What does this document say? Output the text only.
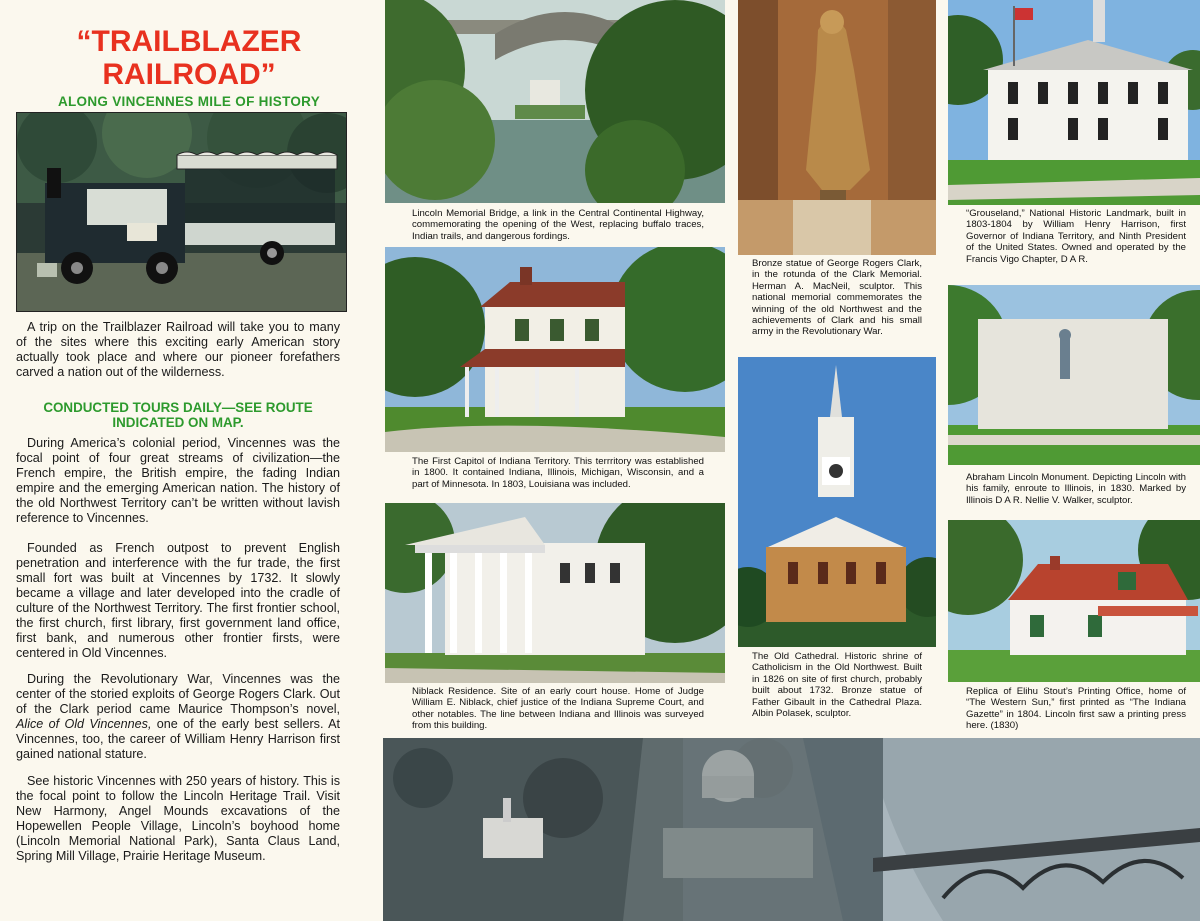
“TRAILBLAZER
RAILROAD”
ALONG VINCENNES MILE OF HISTORY

A trip on the Trailblazer Railroad will take you to many of the sites where this exciting early American story actually took place and where our pioneer forefathers carved a nation out of the wilderness.

CONDUCTED TOURS DAILY—SEE ROUTE
INDICATED ON MAP.

During America’s colonial period, Vincennes was the focal point of four great streams of civilization—the French empire, the British empire, the fading Indian empire and the emerging American nation. The history of the old Northwest Territory can’t be written without lavish reference to Vincennes.

Founded as French outpost to prevent English penetration and interference with the fur trade, the first small fort was built at Vincennes by 1732. It slowly became a village and later developed into the cradle of culture of the Northwest Territory. The first frontier school, the first church, first library, first government land office, first bank, and numerous other frontier firsts, were centered in Old Vincennes.

During the Revolutionary War, Vincennes was the center of the storied exploits of George Rogers Clark. Out of the Clark period came Maurice Thompson’s novel, Alice of Old Vincennes, one of the early best sellers. At Vincennes, too, the career of William Henry Harrison first gained national stature.

See historic Vincennes with 250 years of history. This is the focal point to follow the Lincoln Heritage Trail. Visit New Harmony, Angel Mounds excavations of the Hopewellen People Village, Lincoln’s boyhood home (Lincoln Memorial National Park), Santa Claus Land, Spring Mill Village, Prairie Heritage Museum.

Lincoln Memorial Bridge, a link in the Central Continental Highway, commemorating the opening of the West, replacing buffalo traces, Indian trails, and dangerous fordings.

The First Capitol of Indiana Territory. This terrritory was established in 1800. It contained Indiana, Illinois, Michigan, Wisconsin, and a part of Minnesota. In 1803, Louisiana was included.

Niblack Residence. Site of an early court house. Home of Judge William E. Niblack, chief justice of the Indiana Supreme Court, and other notables. The line between Indiana and Illinois was surveyed from this building.

Bronze statue of George Rogers Clark, in the rotunda of the Clark Memorial. Herman A. MacNeil, sculptor. This national memorial commemorates the winning of the old Northwest and the achievements of Clark and his small army in the Revolutionary War.

The Old Cathedral. Historic shrine of Catholicism in the Old Northwest. Built in 1826 on site of first church, probably built about 1732. Bronze statue of Father Gibault in the Cathedral Plaza. Albin Polasek, sculptor.

“Grouseland,” National Historic Landmark, built in 1803-1804 by William Henry Harrison, first Governor of Indiana Territory, and Ninth President of the United States. Owned and operated by the Francis Vigo Chapter, D A R.

Abraham Lincoln Monument. Depicting Lincoln with his family, enroute to Illinois, in 1830. Marked by Illinois D A R. Nellie V. Walker, sculptor.

Replica of Elihu Stout’s Printing Office, home of “The Western Sun,” first printed as “The Indiana Gazette” in 1804. Lincoln first saw a printing press here. (1830)
